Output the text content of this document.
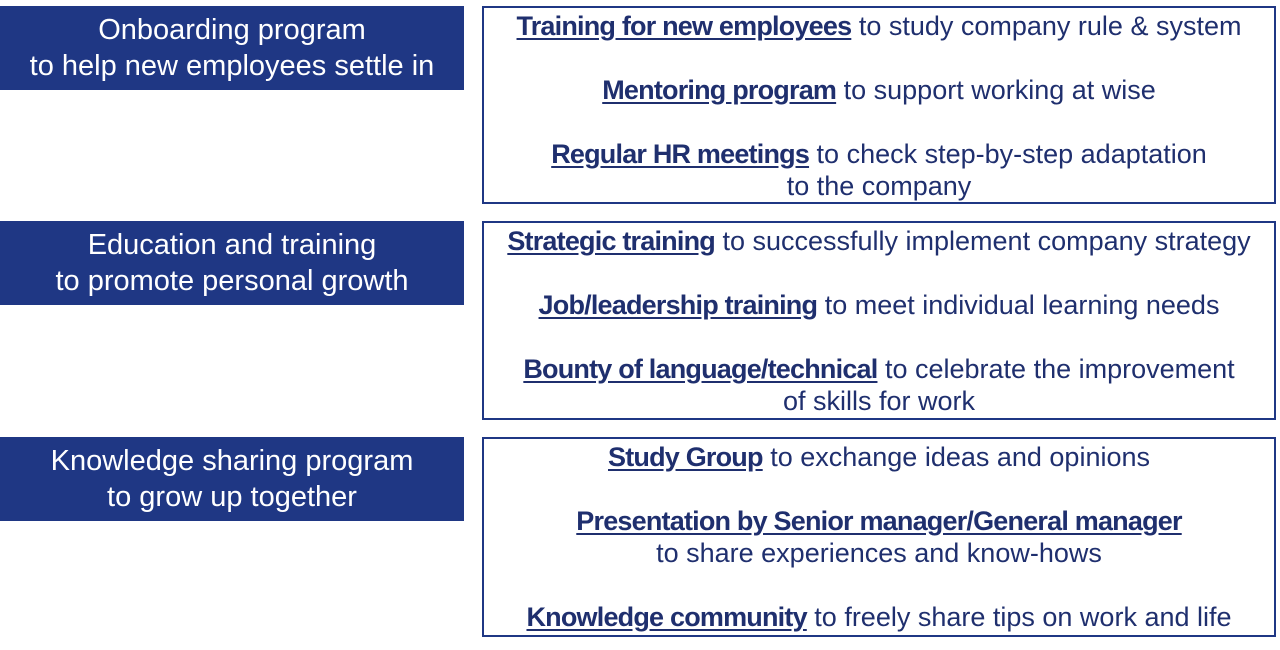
Onboarding program
to help new employees settle in
Training for new employees to study company rule & system
Mentoring program to support working at wise
Regular HR meetings to check step-by-step adaptation
to the company
Education and training
to promote personal growth
Strategic training to successfully implement company strategy
Job/leadership training to meet individual learning needs
Bounty of language/technical to celebrate the improvement
of skills for work
Knowledge sharing program
to grow up together
Study Group to exchange ideas and opinions
Presentation by Senior manager/General manager
to share experiences and know-hows
Knowledge community to freely share tips on work and life
